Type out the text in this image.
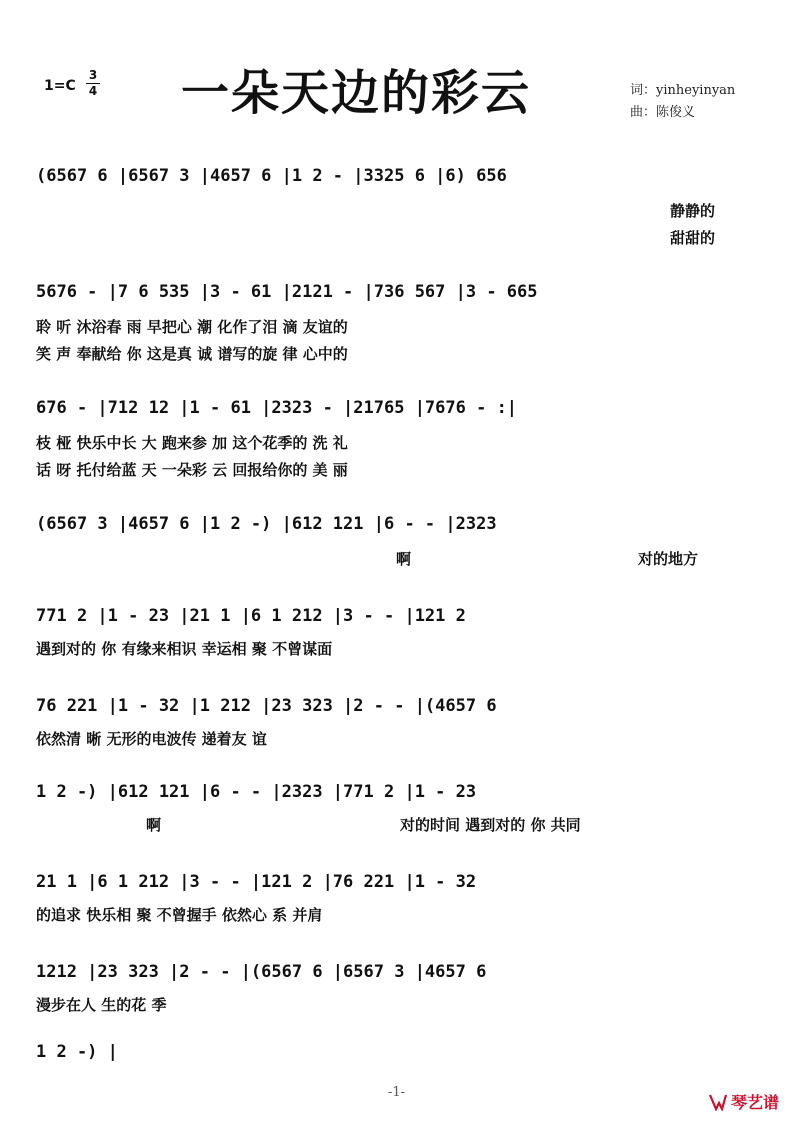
1=C
3
4 一朵天边的彩云	词：yinheyinyan
曲：陈俊义
(6567 6 |6567 3 |4657 6 |1 2 - |3325 6 |6) 656
静静的
甜甜的
5676 - |7 6 535 |3 - 61 |2121 - |736 567 |3 - 665
聆 听 沐浴春 雨 早把心 潮 化作了泪 滴 友谊的
笑 声 奉献给 你 这是真 诚 谱写的旋 律 心中的
676 - |712 12 |1 - 61 |2323 - |21765 |7676 - :|
枝 桠 快乐中长 大 跑来参 加 这个花季的 洗 礼
话 呀 托付给蓝 天 一朵彩 云 回报给你的 美 丽
(6567 3 |4657 6 |1 2 -) |612 121 |6 - - |2323
啊	对的地方
771 2 |1 - 23 |21 1 |6 1 212 |3 - - |121 2
遇到对的 你 有缘来相识 幸运相 聚 不曾谋面
76 221 |1 - 32 |1 212 |23 323 |2 - - |(4657 6
依然清 晰 无形的电波传 递着友 谊
1 2 -) |612 121 |6 - - |2323 |771 2 |1 - 23
啊	对的时间 遇到对的 你 共同
21 1 |6 1 212 |3 - - |121 2 |76 221 |1 - 32
的追求 快乐相 聚 不曾握手 依然心 系 并肩
1212 |23 323 |2 - - |(6567 6 |6567 3 |4657 6
漫步在人 生的花 季
1 2 -) |
-1-
琴艺谱
